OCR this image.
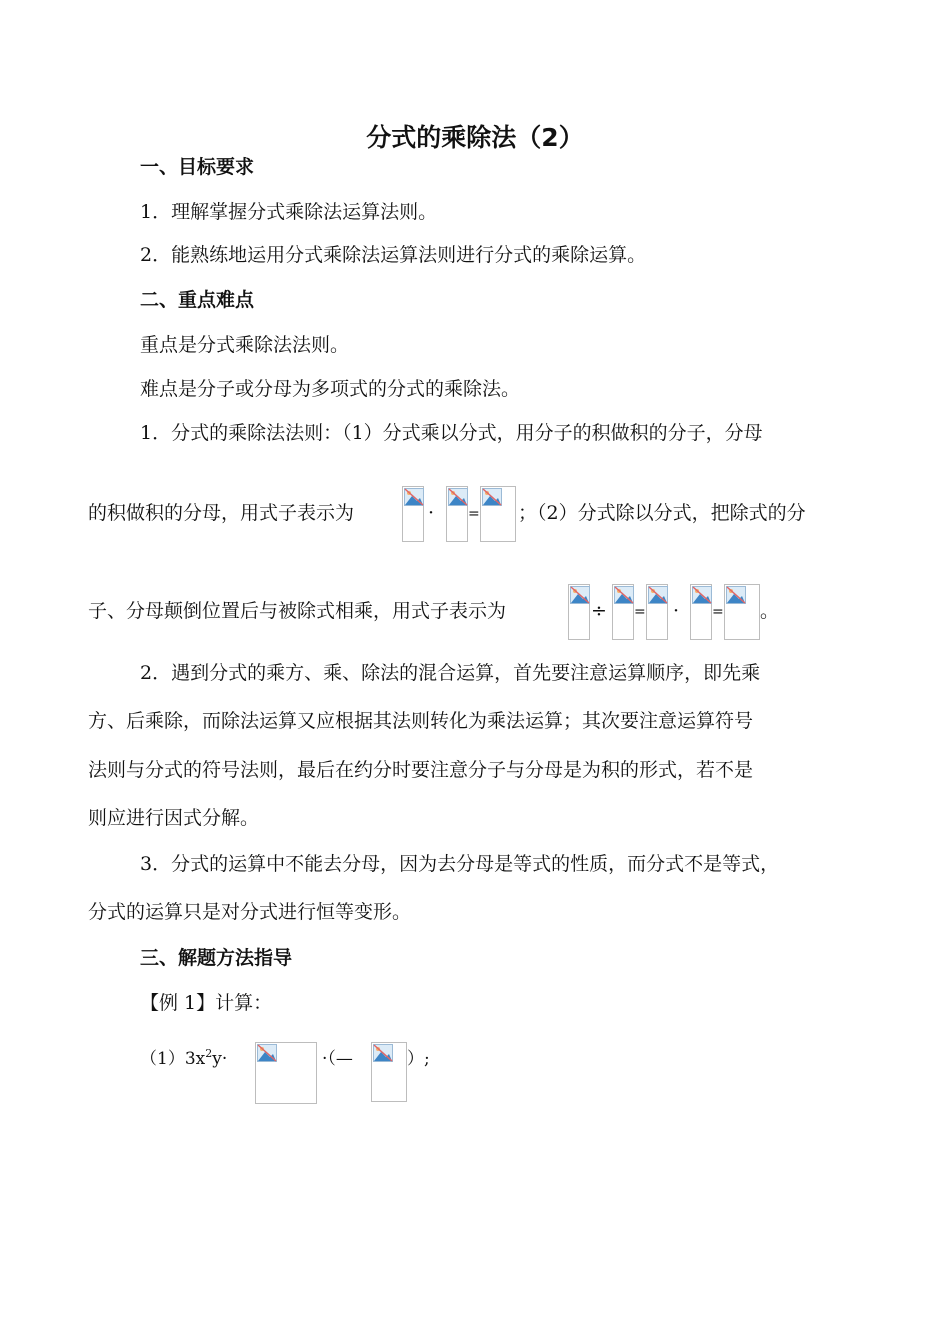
分式的乘除法（2）
一、目标要求
1．理解掌握分式乘除法运算法则。
2．能熟练地运用分式乘除法运算法则进行分式的乘除运算。
二、重点难点
重点是分式乘除法法则。
难点是分子或分母为多项式的分式的乘除法。
1．分式的乘除法法则：（1）分式乘以分式，用分子的积做积的分子，分母
的积做积的分母，用式子表示为	· = ；（2）分式除以分式，把除式的分
子、分母颠倒位置后与被除式相乘，用式子表示为	÷ = · = 。
2．遇到分式的乘方、乘、除法的混合运算，首先要注意运算顺序，即先乘
方、后乘除，而除法运算又应根据其法则转化为乘法运算；其次要注意运算符号
法则与分式的符号法则，最后在约分时要注意分子与分母是为积的形式，若不是
则应进行因式分解。
3．分式的运算中不能去分母，因为去分母是等式的性质，而分式不是等式，
分式的运算只是对分式进行恒等变形。
三、解题方法指导
【例 1】计算：
$(1)3x^2y\cdot$	·（—	）;
